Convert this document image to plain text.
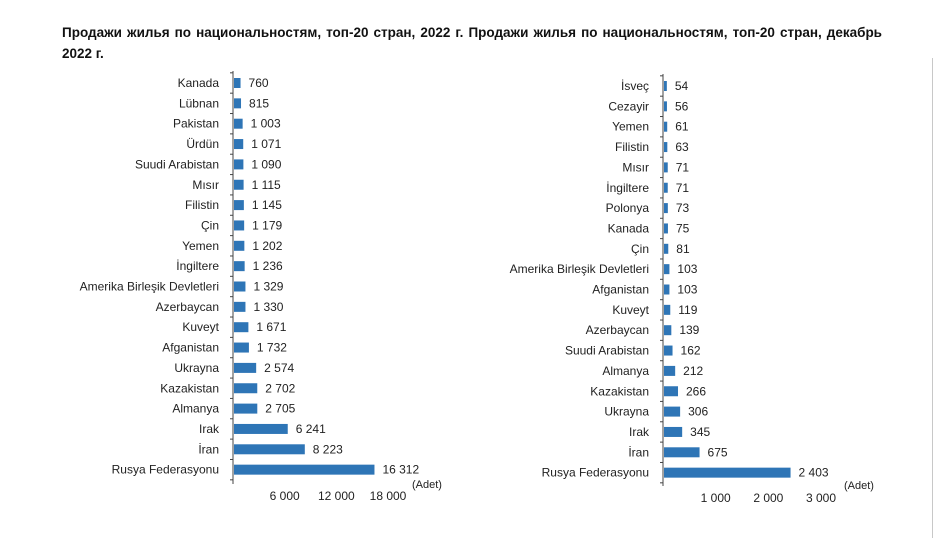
Продажи жилья по национальностям, топ-20 стран, 2022 г. Продажи жилья по национальностям, топ-20 стран, декабрь 2022 г.
Kanada 760
Lübnan	815
Pakistan	1 003
Ürdün	1 071
Suudi Arabistan	1 090
Mısır	1 115
Filistin	1 145
Çin	1 179
Yemen	1 202
İngiltere	1 236
Amerika Birleşik Devletleri	1 329
Azerbaycan	1 330
Kuveyt	1 671
Afganistan	1 732
Ukrayna	2 574
Kazakistan	2 702
Almanya	2 705
Irak	6 241
İran	8 223
Rusya Federasyonu	16 312
6 000 12 000 18 000
(Adet)
İsveç 54
Cezayir 56
Yemen 61
Filistin 63
Mısır 71
İngiltere 71
Polonya 73
Kanada 75
Çin 81
Amerika Birleşik Devletleri 103
Afganistan 103
Kuveyt 119
Azerbaycan	139
Suudi Arabistan	162
Almanya	212
Kazakistan	266
Ukrayna	306
Irak	345
İran	675
Rusya Federasyonu	2 403
1 000 2 000 3 000
(Adet)
